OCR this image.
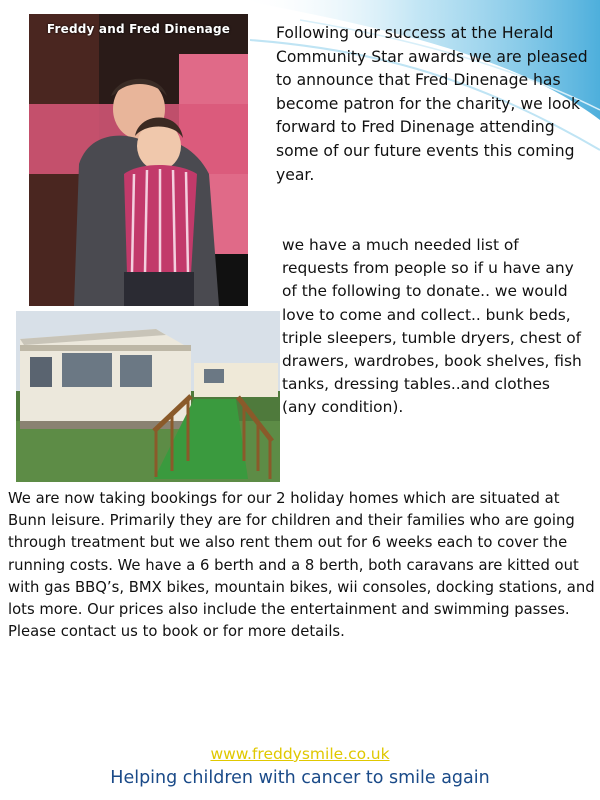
Freddy and Fred Dinenage	Following our success at the Herald Community Star awards we are pleased to announce that Fred Dinenage has become patron for the charity, we look forward to Fred Dinenage attending some of our future events this coming year.

we have a much needed list of requests from people so if u have any of the following to donate.. we would love to come and collect.. bunk beds, triple sleepers, tumble dryers, chest of drawers, wardrobes, book shelves, fish tanks, dressing tables..and clothes (any condition).

We are now taking bookings for our 2 holiday homes which are situated at Bunn leisure. Primarily they are for children and their families who are going through treatment but we also rent them out for 6 weeks each to cover the running costs. We have a 6 berth and a 8 berth, both caravans are kitted out with gas BBQ’s, BMX bikes, mountain bikes, wii consoles, docking stations, and lots more. Our prices also include the entertainment and swimming passes. Please contact us to book or for more details.

www.freddysmile.co.uk
Helping children with cancer to smile again
